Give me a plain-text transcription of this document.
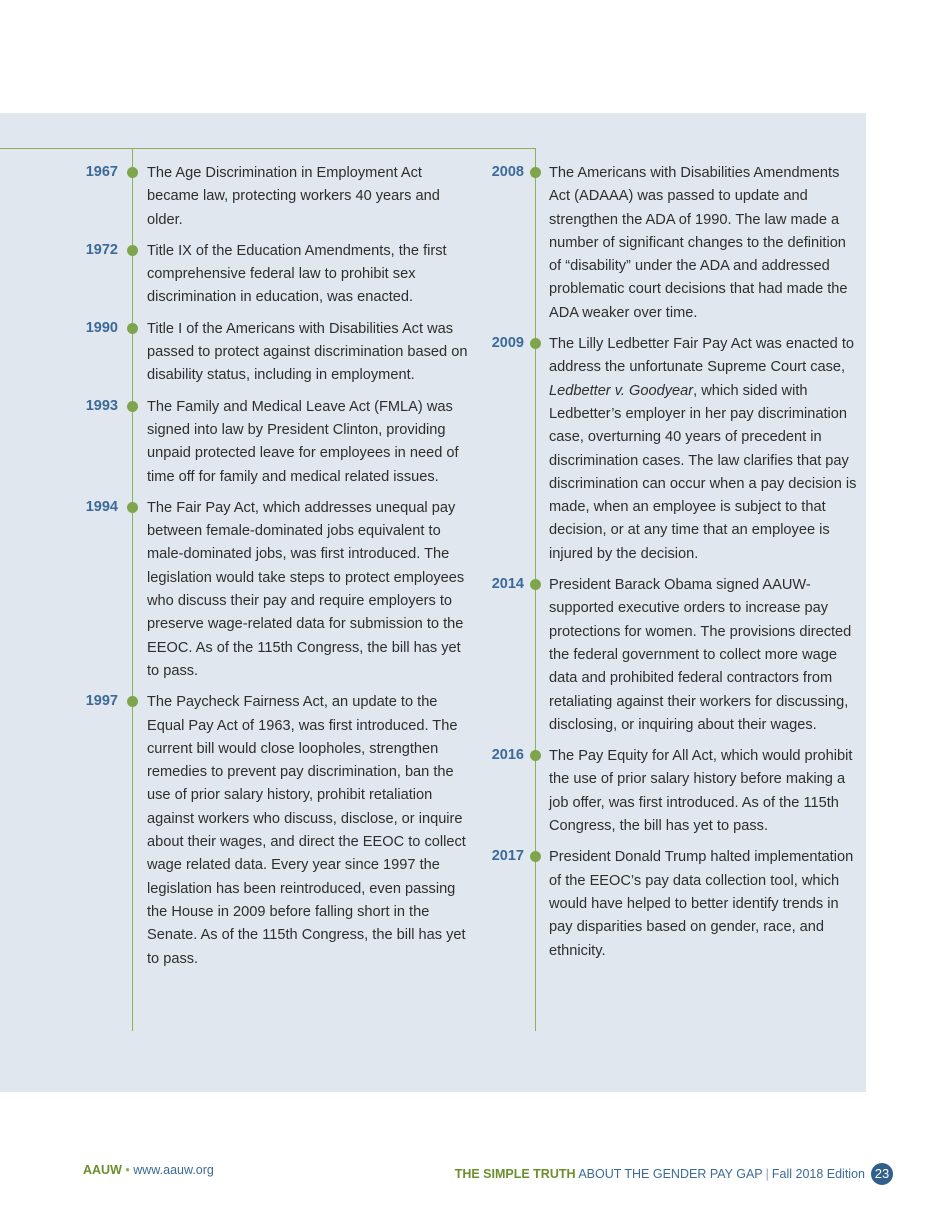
1967 The Age Discrimination in Employment Act became law, protecting workers 40 years and older.
1972 Title IX of the Education Amendments, the first comprehensive federal law to prohibit sex discrimination in education, was enacted.
1990 Title I of the Americans with Disabilities Act was passed to protect against discrimination based on disability status, including in employment.
1993 The Family and Medical Leave Act (FMLA) was signed into law by President Clinton, providing unpaid protected leave for employees in need of time off for family and medical related issues.
1994 The Fair Pay Act, which addresses unequal pay between female-dominated jobs equivalent to male-dominated jobs, was first introduced. The legislation would take steps to protect employees who discuss their pay and require employers to preserve wage-related data for submission to the EEOC. As of the 115th Congress, the bill has yet to pass.
1997 The Paycheck Fairness Act, an update to the Equal Pay Act of 1963, was first introduced. The current bill would close loopholes, strengthen remedies to prevent pay discrimination, ban the use of prior salary history, prohibit retaliation against workers who discuss, disclose, or inquire about their wages, and direct the EEOC to collect wage related data. Every year since 1997 the legislation has been reintroduced, even passing the House in 2009 before falling short in the Senate. As of the 115th Congress, the bill has yet to pass.
2008 The Americans with Disabilities Amendments Act (ADAAA) was passed to update and strengthen the ADA of 1990. The law made a number of significant changes to the definition of “disability” under the ADA and addressed problematic court decisions that had made the ADA weaker over time.
2009 The Lilly Ledbetter Fair Pay Act was enacted to address the unfortunate Supreme Court case, Ledbetter v. Goodyear, which sided with Ledbetter’s employer in her pay discrimination case, overturning 40 years of precedent in discrimination cases. The law clarifies that pay discrimination can occur when a pay decision is made, when an employee is subject to that decision, or at any time that an employee is injured by the decision.
2014 President Barack Obama signed AAUW-supported executive orders to increase pay protections for women. The provisions directed the federal government to collect more wage data and prohibited federal contractors from retaliating against their workers for discussing, disclosing, or inquiring about their wages.
2016 The Pay Equity for All Act, which would prohibit the use of prior salary history before making a job offer, was first introduced. As of the 115th Congress, the bill has yet to pass.
2017 President Donald Trump halted implementation of the EEOC’s pay data collection tool, which would have helped to better identify trends in pay disparities based on gender, race, and ethnicity.
AAUW • www.aauw.org	THE SIMPLE TRUTH ABOUT THE GENDER PAY GAP | Fall 2018 Edition 23
